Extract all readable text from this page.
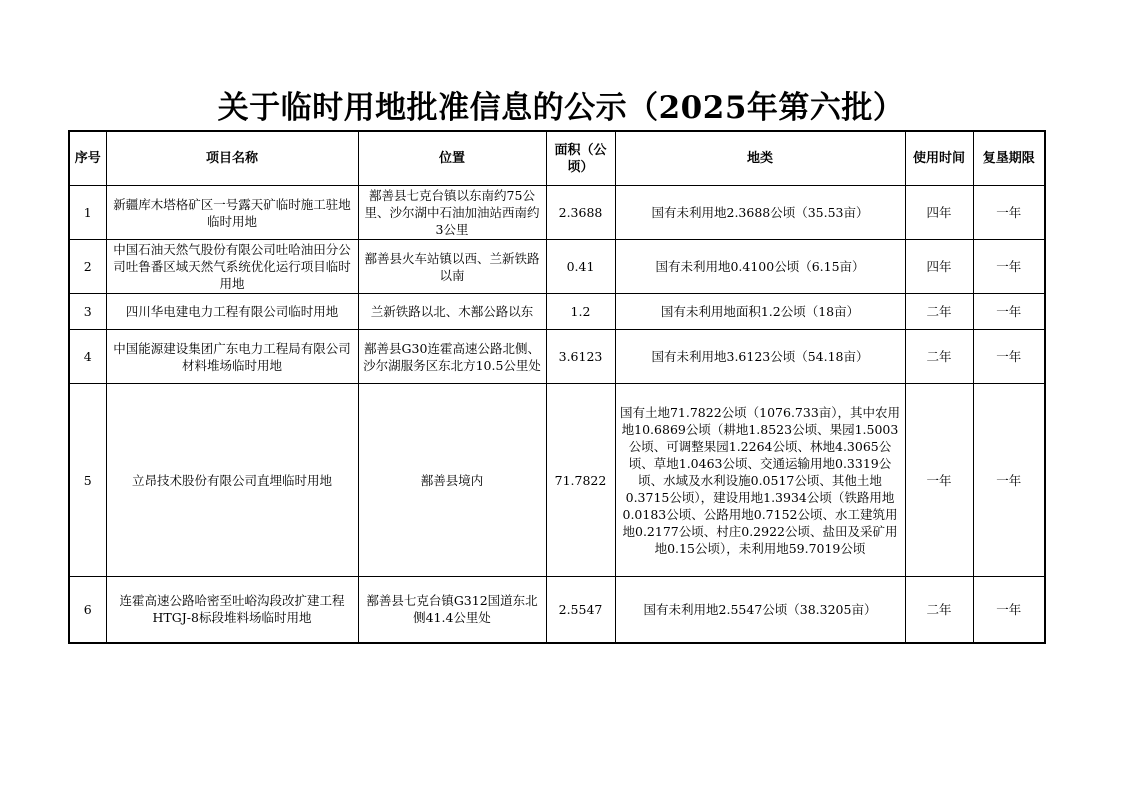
关于临时用地批准信息的公示（2025年第六批）
序号	项目名称	位置	面积（公顷）	地类	使用时间	复垦期限
1	新疆库木塔格矿区一号露天矿临时施工驻地临时用地	鄯善县七克台镇以东南约75公里、沙尔湖中石油加油站西南约3公里	2.3688	国有未利用地2.3688公顷（35.53亩）	四年	一年
2	中国石油天然气股份有限公司吐哈油田分公司吐鲁番区域天然气系统优化运行项目临时用地	鄯善县火车站镇以西、兰新铁路以南	0.41	国有未利用地0.4100公顷（6.15亩）	四年	一年
3	四川华电建电力工程有限公司临时用地	兰新铁路以北、木鄯公路以东	1.2	国有未利用地面积1.2公顷（18亩）	二年	一年
4	中国能源建设集团广东电力工程局有限公司材料堆场临时用地	鄯善县G30连霍高速公路北侧、沙尔湖服务区东北方10.5公里处	3.6123	国有未利用地3.6123公顷（54.18亩）	二年	一年
5	立昂技术股份有限公司直埋临时用地	鄯善县境内	71.7822	国有土地71.7822公顷（1076.733亩），其中农用地10.6869公顷（耕地1.8523公顷、果园1.5003公顷、可调整果园1.2264公顷、林地4.3065公顷、草地1.0463公顷、交通运输用地0.3319公顷、水域及水利设施0.0517公顷、其他土地0.3715公顷），建设用地1.3934公顷（铁路用地0.0183公顷、公路用地0.7152公顷、水工建筑用地0.2177公顷、村庄0.2922公顷、盐田及采矿用地0.15公顷），未利用地59.7019公顷	一年	一年
6	连霍高速公路哈密至吐峪沟段改扩建工程HTGJ-8标段堆料场临时用地	鄯善县七克台镇G312国道东北侧41.4公里处	2.5547	国有未利用地2.5547公顷（38.3205亩）	二年	一年
